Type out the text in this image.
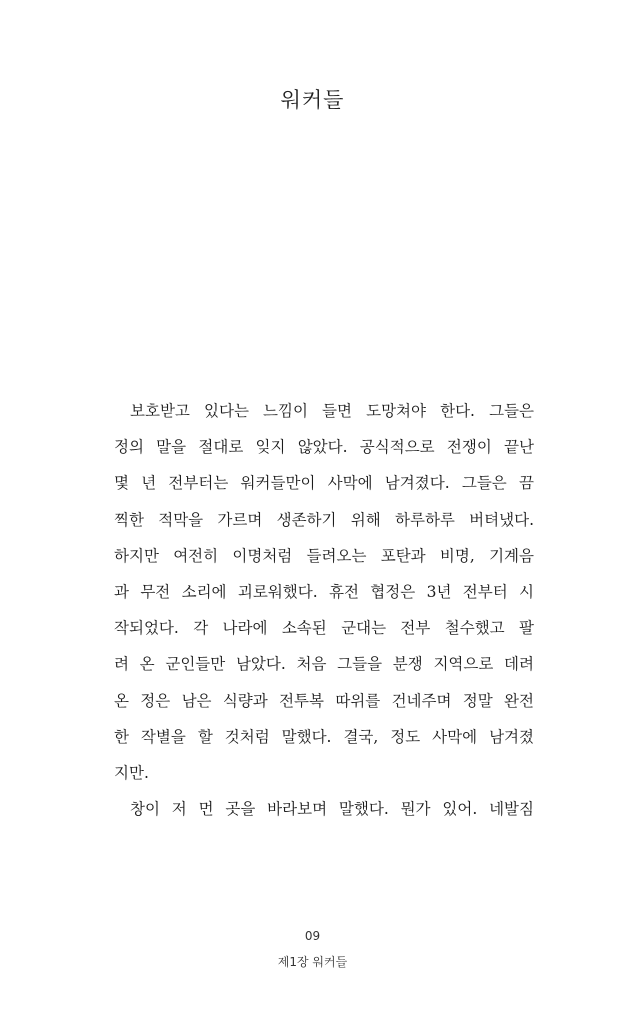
워커들
보호받고 있다는 느낌이 들면 도망쳐야 한다. 그들은
정의 말을 절대로 잊지 않았다. 공식적으로 전쟁이 끝난
몇 년 전부터는 워커들만이 사막에 남겨졌다. 그들은 끔
찍한 적막을 가르며 생존하기 위해 하루하루 버텨냈다.
하지만 여전히 이명처럼 들려오는 포탄과 비명, 기계음
과 무전 소리에 괴로워했다. 휴전 협정은 3년 전부터 시
작되었다. 각 나라에 소속된 군대는 전부 철수했고 팔
려 온 군인들만 남았다. 처음 그들을 분쟁 지역으로 데려
온 정은 남은 식량과 전투복 따위를 건네주며 정말 완전
한 작별을 할 것처럼 말했다. 결국, 정도 사막에 남겨졌
지만.
창이 저 먼 곳을 바라보며 말했다. 뭔가 있어. 네발짐
09
제1장 워커들
